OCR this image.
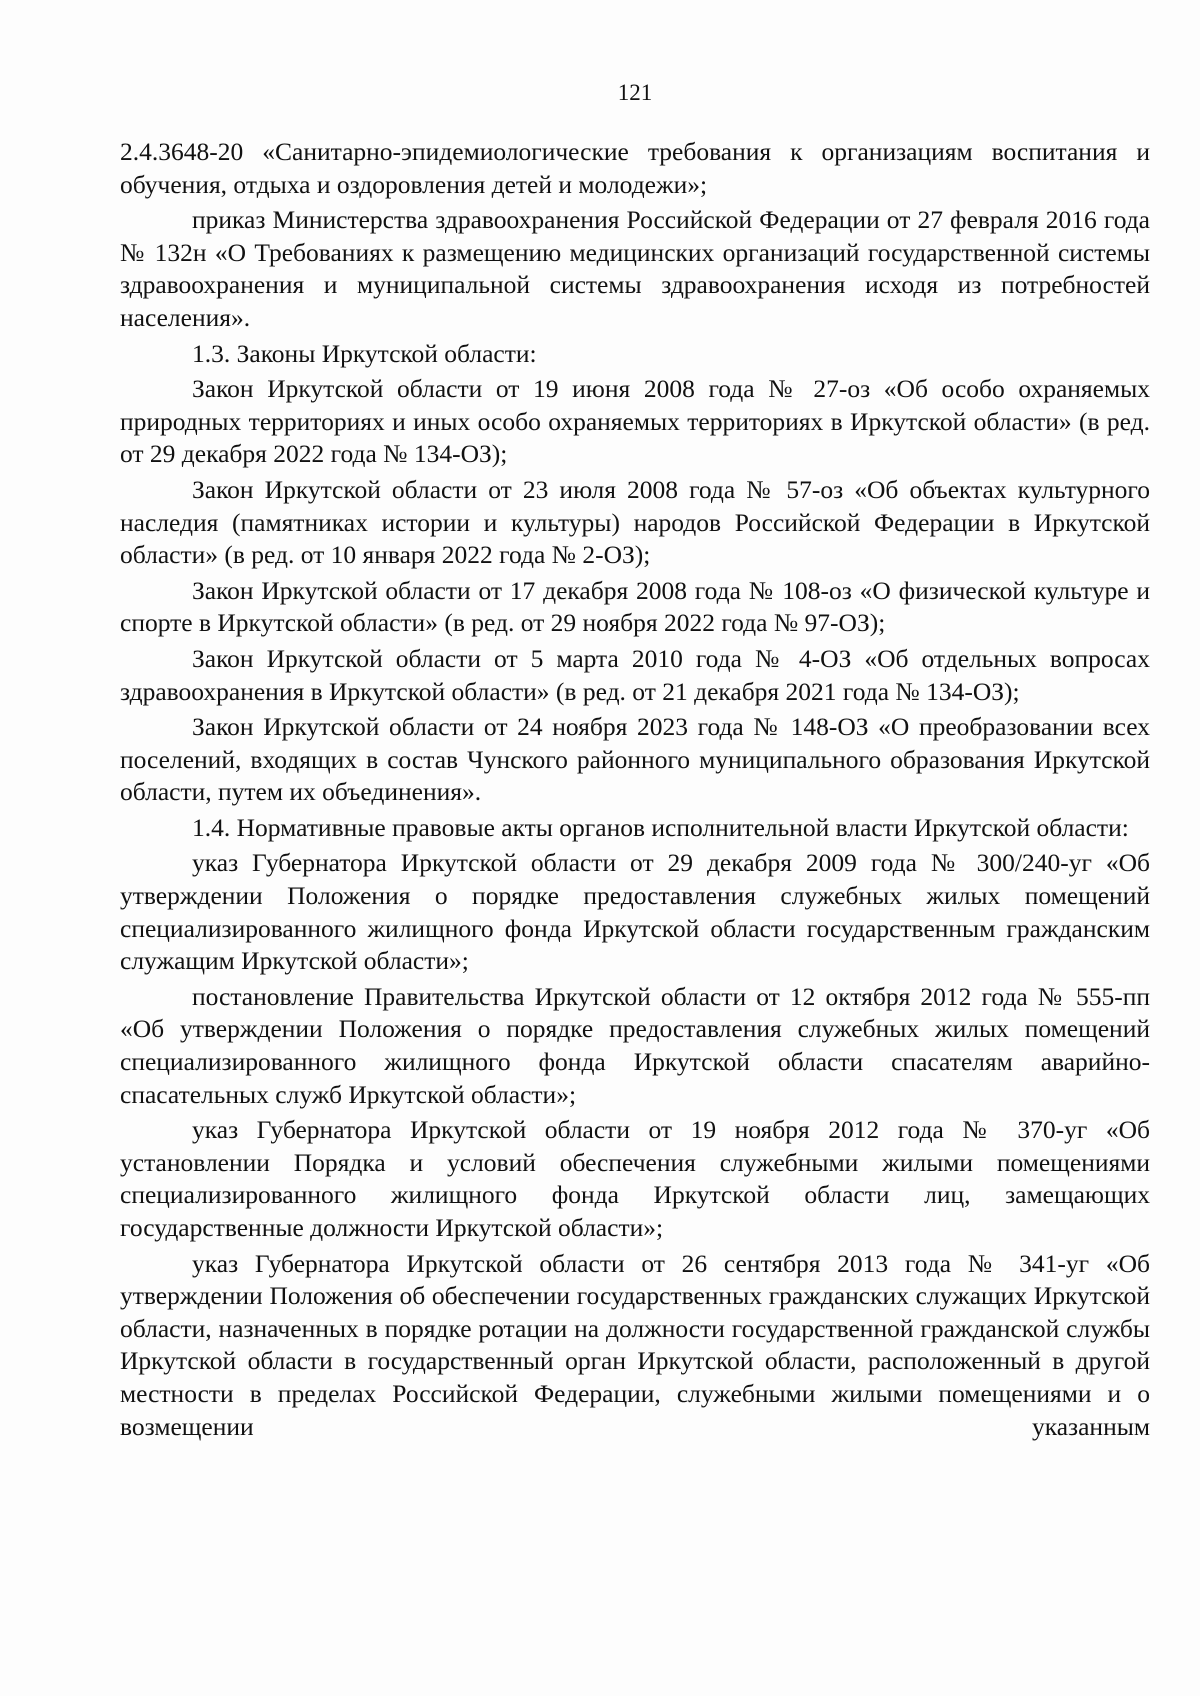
121

2.4.3648-20 «Санитарно-эпидемиологические требования к организациям воспитания и обучения, отдыха и оздоровления детей и молодежи»;

приказ Министерства здравоохранения Российской Федерации от 27 февраля 2016 года № 132н «О Требованиях к размещению медицинских организаций государственной системы здравоохранения и муниципальной системы здравоохранения исходя из потребностей населения».

1.3. Законы Иркутской области:

Закон Иркутской области от 19 июня 2008 года № 27-оз «Об особо охраняемых природных территориях и иных особо охраняемых территориях в Иркутской области» (в ред. от 29 декабря 2022 года № 134-ОЗ);

Закон Иркутской области от 23 июля 2008 года № 57-оз «Об объектах культурного наследия (памятниках истории и культуры) народов Российской Федерации в Иркутской области» (в ред. от 10 января 2022 года № 2-ОЗ);

Закон Иркутской области от 17 декабря 2008 года № 108-оз «О физической культуре и спорте в Иркутской области» (в ред. от 29 ноября 2022 года № 97-ОЗ);

Закон Иркутской области от 5 марта 2010 года № 4-ОЗ «Об отдельных вопросах здравоохранения в Иркутской области» (в ред. от 21 декабря 2021 года № 134-ОЗ);

Закон Иркутской области от 24 ноября 2023 года № 148-ОЗ «О преобразовании всех поселений, входящих в состав Чунского районного муниципального образования Иркутской области, путем их объединения».

1.4. Нормативные правовые акты органов исполнительной власти Иркутской области:

указ Губернатора Иркутской области от 29 декабря 2009 года № 300/240-уг «Об утверждении Положения о порядке предоставления служебных жилых помещений специализированного жилищного фонда Иркутской области государственным гражданским служащим Иркутской области»;

постановление Правительства Иркутской области от 12 октября 2012 года № 555-пп «Об утверждении Положения о порядке предоставления служебных жилых помещений специализированного жилищного фонда Иркутской области спасателям аварийно-спасательных служб Иркутской области»;

указ Губернатора Иркутской области от 19 ноября 2012 года № 370-уг «Об установлении Порядка и условий обеспечения служебными жилыми помещениями специализированного жилищного фонда Иркутской области лиц, замещающих государственные должности Иркутской области»;

указ Губернатора Иркутской области от 26 сентября 2013 года № 341-уг «Об утверждении Положения об обеспечении государственных гражданских служащих Иркутской области, назначенных в порядке ротации на должности государственной гражданской службы Иркутской области в государственный орган Иркутской области, расположенный в другой местности в пределах Российской Федерации, служебными жилыми помещениями и о возмещении указанным
